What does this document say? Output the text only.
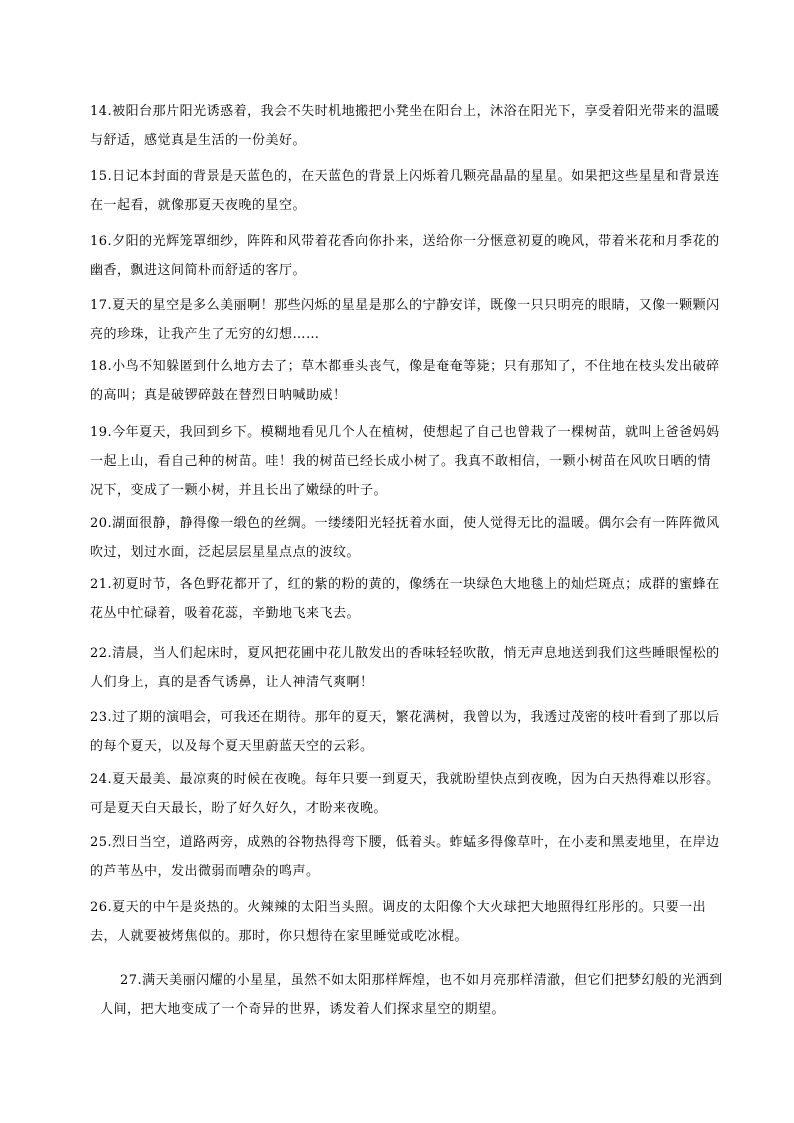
14.被阳台那片阳光诱惑着，我会不失时机地搬把小凳坐在阳台上，沐浴在阳光下，享受着阳光带来的温暖与舒适，感觉真是生活的一份美好。

15.日记本封面的背景是天蓝色的，在天蓝色的背景上闪烁着几颗亮晶晶的星星。如果把这些星星和背景连在一起看，就像那夏天夜晚的星空。

16.夕阳的光辉笼罩细纱，阵阵和风带着花香向你扑来，送给你一分惬意初夏的晚风，带着米花和月季花的幽香，飘进这间简朴而舒适的客厅。

17.夏天的星空是多么美丽啊！那些闪烁的星星是那么的宁静安详，既像一只只明亮的眼睛，又像一颗颗闪亮的珍珠，让我产生了无穷的幻想……

18.小鸟不知躲匿到什么地方去了；草木都垂头丧气，像是奄奄等毙；只有那知了，不住地在枝头发出破碎的高叫；真是破锣碎鼓在替烈日呐喊助威！

19.今年夏天，我回到乡下。模糊地看见几个人在植树，使想起了自己也曾栽了一棵树苗，就叫上爸爸妈妈一起上山，看自己种的树苗。哇！我的树苗已经长成小树了。我真不敢相信，一颗小树苗在风吹日晒的情况下，变成了一颗小树，并且长出了嫩绿的叶子。

20.湖面很静，静得像一缎色的丝绸。一缕缕阳光轻抚着水面，使人觉得无比的温暖。偶尔会有一阵阵微风吹过，划过水面，泛起层层星星点点的波纹。

21.初夏时节，各色野花都开了，红的紫的粉的黄的，像绣在一块绿色大地毯上的灿烂斑点；成群的蜜蜂在花丛中忙碌着，吸着花蕊，辛勤地飞来飞去。

22.清晨，当人们起床时，夏风把花圃中花儿散发出的香味轻轻吹散，悄无声息地送到我们这些睡眼惺松的人们身上，真的是香气诱鼻，让人神清气爽啊！

23.过了期的演唱会，可我还在期待。那年的夏天，繁花满树，我曾以为，我透过茂密的枝叶看到了那以后的每个夏天，以及每个夏天里蔚蓝天空的云彩。

24.夏天最美、最凉爽的时候在夜晚。每年只要一到夏天，我就盼望快点到夜晚，因为白天热得难以形容。可是夏天白天最长，盼了好久好久，才盼来夜晚。

25.烈日当空，道路两旁，成熟的谷物热得弯下腰，低着头。蚱蜢多得像草叶，在小麦和黑麦地里，在岸边的芦苇丛中，发出微弱而嘈杂的鸣声。

26.夏天的中午是炎热的。火辣辣的太阳当头照。调皮的太阳像个大火球把大地照得红彤彤的。只要一出去，人就要被烤焦似的。那时，你只想待在家里睡觉或吃冰棍。

27.满天美丽闪耀的小星星，虽然不如太阳那样辉煌，也不如月亮那样清澈，但它们把梦幻般的光洒到人间，把大地变成了一个奇异的世界，诱发着人们探求星空的期望。
